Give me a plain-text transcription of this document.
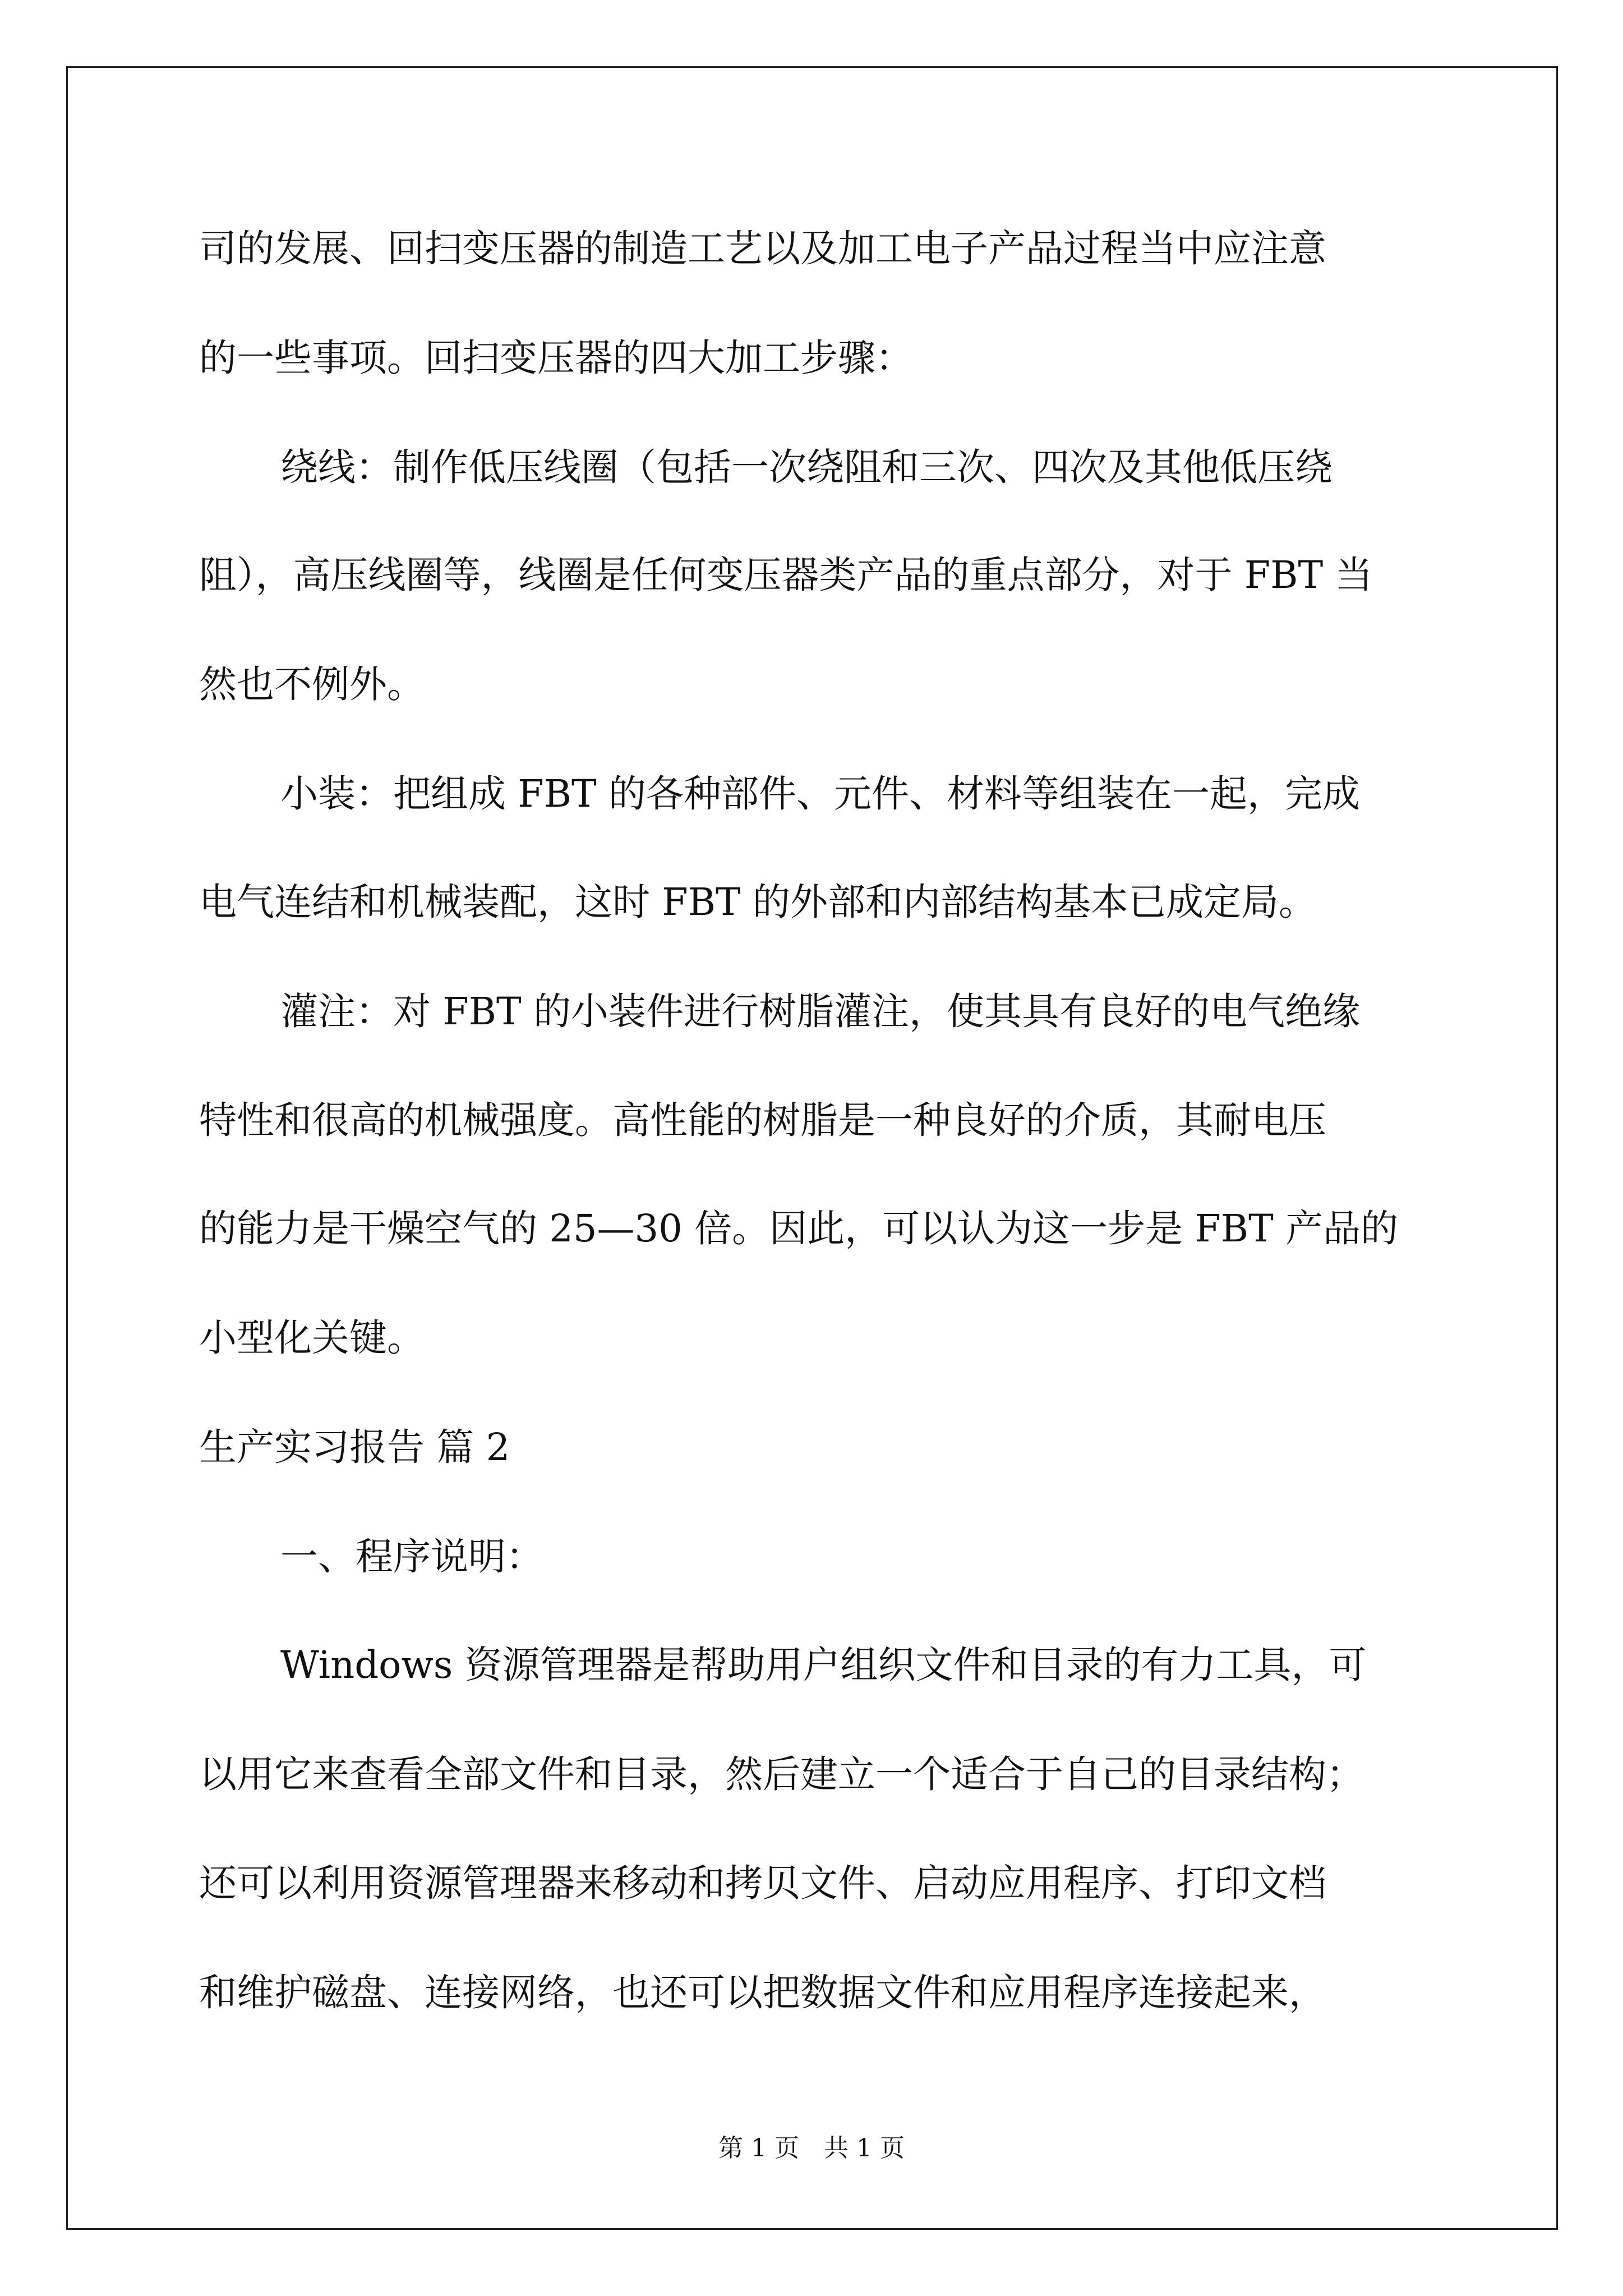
司的发展、回扫变压器的制造工艺以及加工电子产品过程当中应注意
的一些事项。回扫变压器的四大加工步骤：
绕线：制作低压线圈（包括一次绕阻和三次、四次及其他低压绕
阻），高压线圈等，线圈是任何变压器类产品的重点部分，对于 FBT 当
然也不例外。
小装：把组成 FBT 的各种部件、元件、材料等组装在一起，完成
电气连结和机械装配，这时 FBT 的外部和内部结构基本已成定局。
灌注：对 FBT 的小装件进行树脂灌注，使其具有良好的电气绝缘
特性和很高的机械强度。高性能的树脂是一种良好的介质，其耐电压
的能力是干燥空气的 25—30 倍。因此，可以认为这一步是 FBT 产品的
小型化关键。
生产实习报告 篇 2
一、程序说明：
Windows 资源管理器是帮助用户组织文件和目录的有力工具，可
以用它来查看全部文件和目录，然后建立一个适合于自己的目录结构；
还可以利用资源管理器来移动和拷贝文件、启动应用程序、打印文档
和维护磁盘、连接网络，也还可以把数据文件和应用程序连接起来，
第 1 页　共 1 页
